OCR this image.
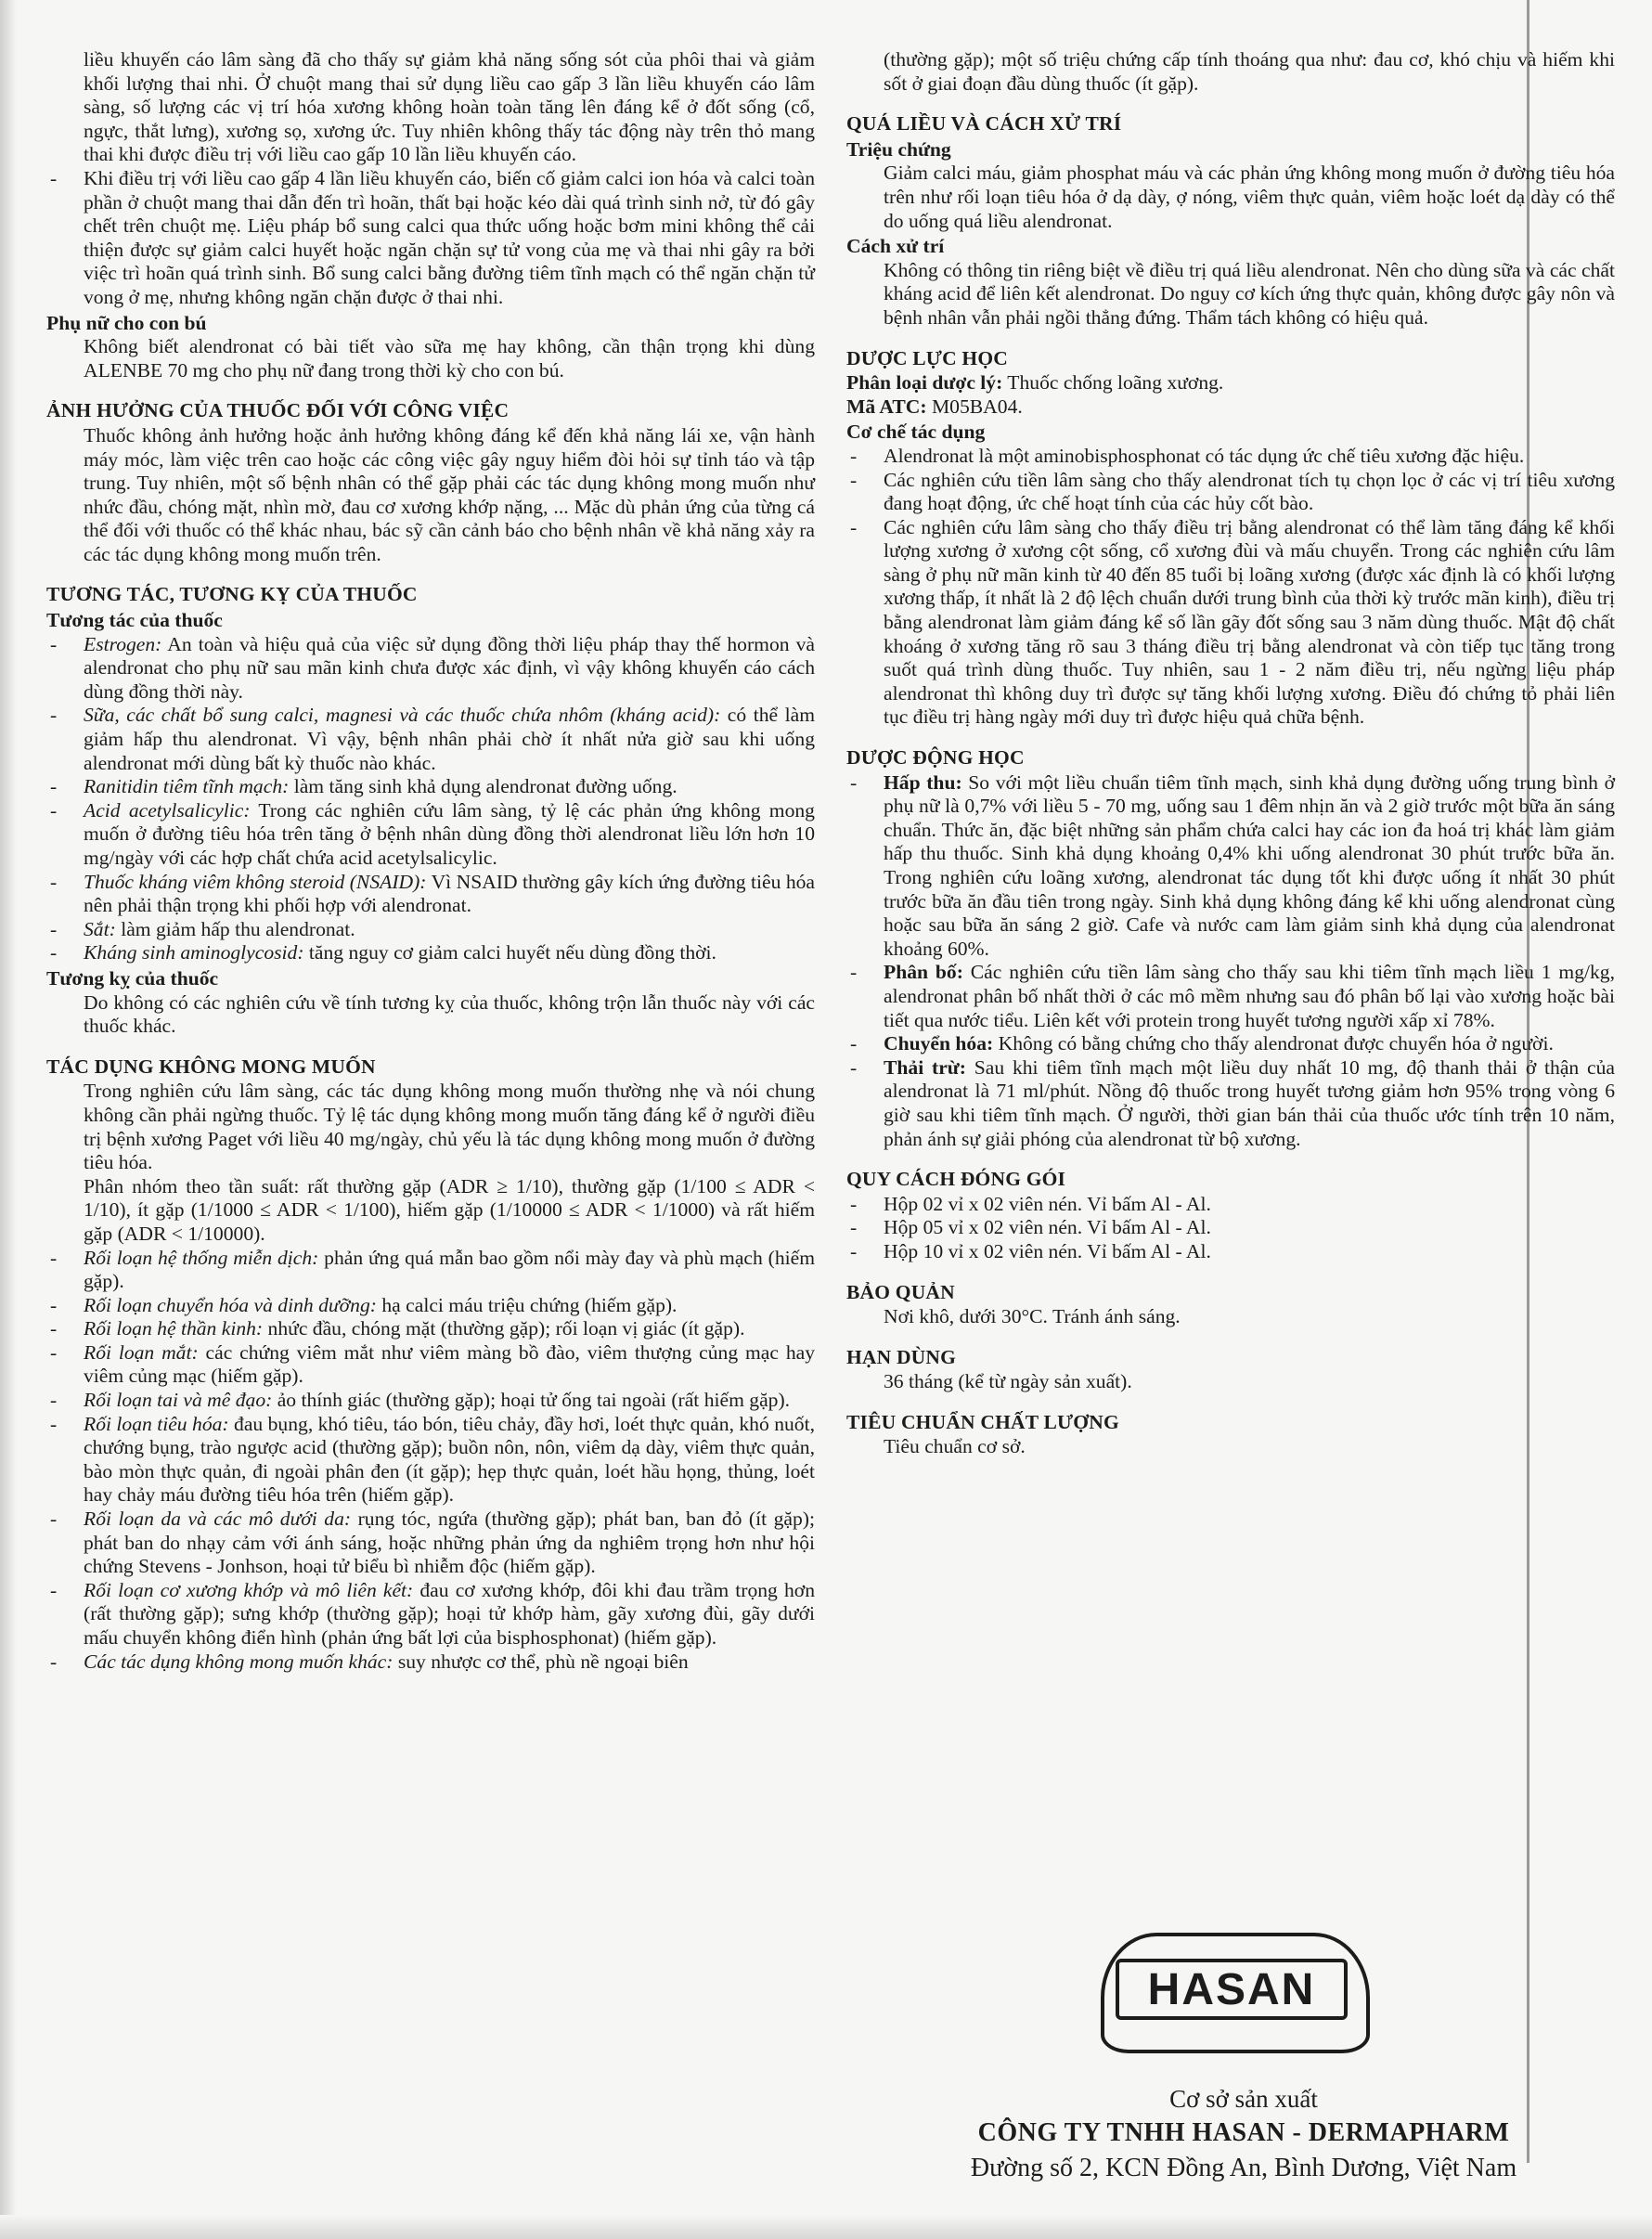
liều khuyến cáo lâm sàng đã cho thấy sự giảm khả năng sống sót của phôi thai và giảm khối lượng thai nhi. Ở chuột mang thai sử dụng liều cao gấp 3 lần liều khuyến cáo lâm sàng, số lượng các vị trí hóa xương không hoàn toàn tăng lên đáng kể ở đốt sống (cổ, ngực, thắt lưng), xương sọ, xương ức. Tuy nhiên không thấy tác động này trên thỏ mang thai khi được điều trị với liều cao gấp 10 lần liều khuyến cáo.
- Khi điều trị với liều cao gấp 4 lần liều khuyến cáo, biến cố giảm calci ion hóa và calci toàn phần ở chuột mang thai dẫn đến trì hoãn, thất bại hoặc kéo dài quá trình sinh nở, từ đó gây chết trên chuột mẹ. Liệu pháp bổ sung calci qua thức uống hoặc bơm mini không thể cải thiện được sự giảm calci huyết hoặc ngăn chặn sự tử vong của mẹ và thai nhi gây ra bởi việc trì hoãn quá trình sinh. Bổ sung calci bằng đường tiêm tĩnh mạch có thể ngăn chặn tử vong ở mẹ, nhưng không ngăn chặn được ở thai nhi.
Phụ nữ cho con bú
Không biết alendronat có bài tiết vào sữa mẹ hay không, cần thận trọng khi dùng ALENBE 70 mg cho phụ nữ đang trong thời kỳ cho con bú.
ẢNH HƯỞNG CỦA THUỐC ĐỐI VỚI CÔNG VIỆC
Thuốc không ảnh hưởng hoặc ảnh hưởng không đáng kể đến khả năng lái xe, vận hành máy móc, làm việc trên cao hoặc các công việc gây nguy hiểm đòi hỏi sự tỉnh táo và tập trung. Tuy nhiên, một số bệnh nhân có thể gặp phải các tác dụng không mong muốn như nhức đầu, chóng mặt, nhìn mờ, đau cơ xương khớp nặng, ... Mặc dù phản ứng của từng cá thể đối với thuốc có thể khác nhau, bác sỹ cần cảnh báo cho bệnh nhân về khả năng xảy ra các tác dụng không mong muốn trên.
TƯƠNG TÁC, TƯƠNG KỴ CỦA THUỐC
Tương tác của thuốc
- Estrogen: An toàn và hiệu quả của việc sử dụng đồng thời liệu pháp thay thế hormon và alendronat cho phụ nữ sau mãn kinh chưa được xác định, vì vậy không khuyến cáo cách dùng đồng thời này.
- Sữa, các chất bổ sung calci, magnesi và các thuốc chứa nhôm (kháng acid): có thể làm giảm hấp thu alendronat. Vì vậy, bệnh nhân phải chờ ít nhất nửa giờ sau khi uống alendronat mới dùng bất kỳ thuốc nào khác.
- Ranitidin tiêm tĩnh mạch: làm tăng sinh khả dụng alendronat đường uống.
- Acid acetylsalicylic: Trong các nghiên cứu lâm sàng, tỷ lệ các phản ứng không mong muốn ở đường tiêu hóa trên tăng ở bệnh nhân dùng đồng thời alendronat liều lớn hơn 10 mg/ngày với các hợp chất chứa acid acetylsalicylic.
- Thuốc kháng viêm không steroid (NSAID): Vì NSAID thường gây kích ứng đường tiêu hóa nên phải thận trọng khi phối hợp với alendronat.
- Sắt: làm giảm hấp thu alendronat.
- Kháng sinh aminoglycosid: tăng nguy cơ giảm calci huyết nếu dùng đồng thời.
Tương kỵ của thuốc
Do không có các nghiên cứu về tính tương kỵ của thuốc, không trộn lẫn thuốc này với các thuốc khác.
TÁC DỤNG KHÔNG MONG MUỐN
Trong nghiên cứu lâm sàng, các tác dụng không mong muốn thường nhẹ và nói chung không cần phải ngừng thuốc. Tỷ lệ tác dụng không mong muốn tăng đáng kể ở người điều trị bệnh xương Paget với liều 40 mg/ngày, chủ yếu là tác dụng không mong muốn ở đường tiêu hóa.
Phân nhóm theo tần suất: rất thường gặp (ADR ≥ 1/10), thường gặp (1/100 ≤ ADR < 1/10), ít gặp (1/1000 ≤ ADR < 1/100), hiếm gặp (1/10000 ≤ ADR < 1/1000) và rất hiếm gặp (ADR < 1/10000).
- Rối loạn hệ thống miễn dịch: phản ứng quá mẫn bao gồm nổi mày đay và phù mạch (hiếm gặp).
- Rối loạn chuyển hóa và dinh dưỡng: hạ calci máu triệu chứng (hiếm gặp).
- Rối loạn hệ thần kinh: nhức đầu, chóng mặt (thường gặp); rối loạn vị giác (ít gặp).
- Rối loạn mắt: các chứng viêm mắt như viêm màng bồ đào, viêm thượng củng mạc hay viêm củng mạc (hiếm gặp).
- Rối loạn tai và mê đạo: ảo thính giác (thường gặp); hoại tử ống tai ngoài (rất hiếm gặp).
- Rối loạn tiêu hóa: đau bụng, khó tiêu, táo bón, tiêu chảy, đầy hơi, loét thực quản, khó nuốt, chướng bụng, trào ngược acid (thường gặp); buồn nôn, nôn, viêm dạ dày, viêm thực quản, bào mòn thực quản, đi ngoài phân đen (ít gặp); hẹp thực quản, loét hầu họng, thủng, loét hay chảy máu đường tiêu hóa trên (hiếm gặp).
- Rối loạn da và các mô dưới da: rụng tóc, ngứa (thường gặp); phát ban, ban đỏ (ít gặp); phát ban do nhạy cảm với ánh sáng, hoặc những phản ứng da nghiêm trọng hơn như hội chứng Stevens - Jonhson, hoại tử biểu bì nhiễm độc (hiếm gặp).
- Rối loạn cơ xương khớp và mô liên kết: đau cơ xương khớp, đôi khi đau trầm trọng hơn (rất thường gặp); sưng khớp (thường gặp); hoại tử khớp hàm, gãy xương đùi, gãy dưới mấu chuyển không điển hình (phản ứng bất lợi của bisphosphonat) (hiếm gặp).
- Các tác dụng không mong muốn khác: suy nhược cơ thể, phù nề ngoại biên
(thường gặp); một số triệu chứng cấp tính thoáng qua như: đau cơ, khó chịu và hiếm khi sốt ở giai đoạn đầu dùng thuốc (ít gặp).
QUÁ LIỀU VÀ CÁCH XỬ TRÍ
Triệu chứng
Giảm calci máu, giảm phosphat máu và các phản ứng không mong muốn ở đường tiêu hóa trên như rối loạn tiêu hóa ở dạ dày, ợ nóng, viêm thực quản, viêm hoặc loét dạ dày có thể do uống quá liều alendronat.
Cách xử trí
Không có thông tin riêng biệt về điều trị quá liều alendronat. Nên cho dùng sữa và các chất kháng acid để liên kết alendronat. Do nguy cơ kích ứng thực quản, không được gây nôn và bệnh nhân vẫn phải ngồi thẳng đứng. Thẩm tách không có hiệu quả.
DƯỢC LỰC HỌC
Phân loại dược lý: Thuốc chống loãng xương.
Mã ATC: M05BA04.
Cơ chế tác dụng
- Alendronat là một aminobisphosphonat có tác dụng ức chế tiêu xương đặc hiệu.
- Các nghiên cứu tiền lâm sàng cho thấy alendronat tích tụ chọn lọc ở các vị trí tiêu xương đang hoạt động, ức chế hoạt tính của các hủy cốt bào.
- Các nghiên cứu lâm sàng cho thấy điều trị bằng alendronat có thể làm tăng đáng kể khối lượng xương ở xương cột sống, cổ xương đùi và mấu chuyển. Trong các nghiên cứu lâm sàng ở phụ nữ mãn kinh từ 40 đến 85 tuổi bị loãng xương (được xác định là có khối lượng xương thấp, ít nhất là 2 độ lệch chuẩn dưới trung bình của thời kỳ trước mãn kinh), điều trị bằng alendronat làm giảm đáng kể số lần gãy đốt sống sau 3 năm dùng thuốc. Mật độ chất khoáng ở xương tăng rõ sau 3 tháng điều trị bằng alendronat và còn tiếp tục tăng trong suốt quá trình dùng thuốc. Tuy nhiên, sau 1 - 2 năm điều trị, nếu ngừng liệu pháp alendronat thì không duy trì được sự tăng khối lượng xương. Điều đó chứng tỏ phải liên tục điều trị hàng ngày mới duy trì được hiệu quả chữa bệnh.
DƯỢC ĐỘNG HỌC
- Hấp thu: So với một liều chuẩn tiêm tĩnh mạch, sinh khả dụng đường uống trung bình ở phụ nữ là 0,7% với liều 5 - 70 mg, uống sau 1 đêm nhịn ăn và 2 giờ trước một bữa ăn sáng chuẩn. Thức ăn, đặc biệt những sản phẩm chứa calci hay các ion đa hoá trị khác làm giảm hấp thu thuốc. Sinh khả dụng khoảng 0,4% khi uống alendronat 30 phút trước bữa ăn. Trong nghiên cứu loãng xương, alendronat tác dụng tốt khi được uống ít nhất 30 phút trước bữa ăn đầu tiên trong ngày. Sinh khả dụng không đáng kể khi uống alendronat cùng hoặc sau bữa ăn sáng 2 giờ. Cafe và nước cam làm giảm sinh khả dụng của alendronat khoảng 60%.
- Phân bố: Các nghiên cứu tiền lâm sàng cho thấy sau khi tiêm tĩnh mạch liều 1 mg/kg, alendronat phân bố nhất thời ở các mô mềm nhưng sau đó phân bố lại vào xương hoặc bài tiết qua nước tiểu. Liên kết với protein trong huyết tương người xấp xỉ 78%.
- Chuyển hóa: Không có bằng chứng cho thấy alendronat được chuyển hóa ở người.
- Thải trừ: Sau khi tiêm tĩnh mạch một liều duy nhất 10 mg, độ thanh thải ở thận của alendronat là 71 ml/phút. Nồng độ thuốc trong huyết tương giảm hơn 95% trong vòng 6 giờ sau khi tiêm tĩnh mạch. Ở người, thời gian bán thải của thuốc ước tính trên 10 năm, phản ánh sự giải phóng của alendronat từ bộ xương.
QUY CÁCH ĐÓNG GÓI
- Hộp 02 vỉ x 02 viên nén. Vỉ bấm Al - Al.
- Hộp 05 vỉ x 02 viên nén. Vỉ bấm Al - Al.
- Hộp 10 vỉ x 02 viên nén. Vỉ bấm Al - Al.
BẢO QUẢN
Nơi khô, dưới 30°C. Tránh ánh sáng.
HẠN DÙNG
36 tháng (kể từ ngày sản xuất).
TIÊU CHUẨN CHẤT LƯỢNG
Tiêu chuẩn cơ sở.
HASAN
Cơ sở sản xuất
CÔNG TY TNHH HASAN - DERMAPHARM
Đường số 2, KCN Đồng An, Bình Dương, Việt Nam
